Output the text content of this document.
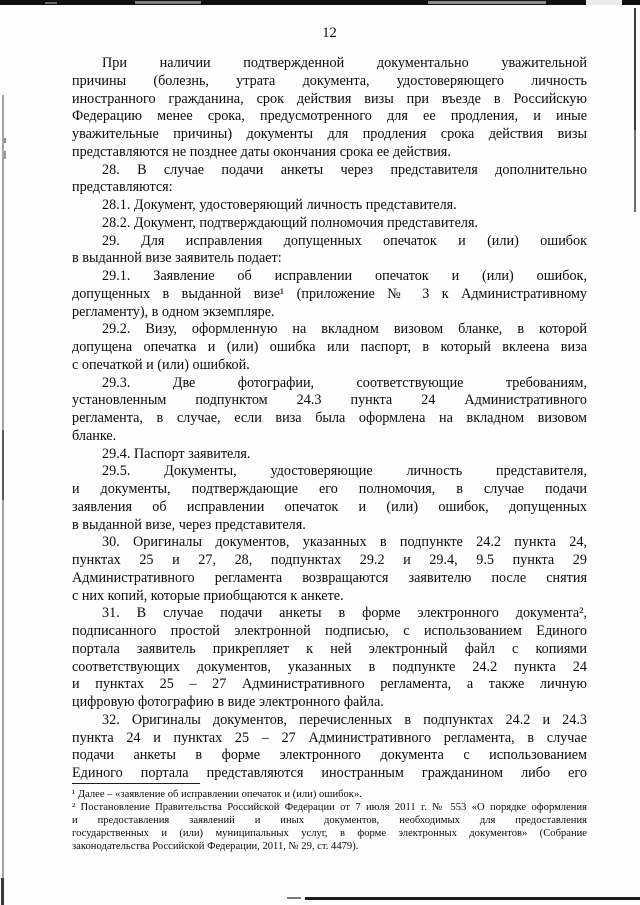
12
При наличии подтвержденной документально уважительной
причины (болезнь, утрата документа, удостоверяющего личность
иностранного гражданина, срок действия визы при въезде в Российскую
Федерацию менее срока, предусмотренного для ее продления, и иные
уважительные причины) документы для продления срока действия визы
представляются не позднее даты окончания срока ее действия.
28. В случае подачи анкеты через представителя дополнительно
представляются:
28.1. Документ, удостоверяющий личность представителя.
28.2. Документ, подтверждающий полномочия представителя.
29. Для исправления допущенных опечаток и (или) ошибок
в выданной визе заявитель подает:
29.1. Заявление об исправлении опечаток и (или) ошибок,
допущенных в выданной визе¹ (приложение № 3 к Административному
регламенту), в одном экземпляре.
29.2. Визу, оформленную на вкладном визовом бланке, в которой
допущена опечатка и (или) ошибка или паспорт, в который вклеена виза
с опечаткой и (или) ошибкой.
29.3. Две фотографии, соответствующие требованиям,
установленным подпунктом 24.3 пункта 24 Административного
регламента, в случае, если виза была оформлена на вкладном визовом
бланке.
29.4. Паспорт заявителя.
29.5. Документы, удостоверяющие личность представителя,
и документы, подтверждающие его полномочия, в случае подачи
заявления об исправлении опечаток и (или) ошибок, допущенных
в выданной визе, через представителя.
30. Оригиналы документов, указанных в подпункте 24.2 пункта 24,
пунктах 25 и 27, 28, подпунктах 29.2 и 29.4, 9.5 пункта 29
Административного регламента возвращаются заявителю после снятия
с них копий, которые приобщаются к анкете.
31. В случае подачи анкеты в форме электронного документа²,
подписанного простой электронной подписью, с использованием Единого
портала заявитель прикрепляет к ней электронный файл с копиями
соответствующих документов, указанных в подпункте 24.2 пункта 24
и пунктах 25 – 27 Административного регламента, а также личную
цифровую фотографию в виде электронного файла.
32. Оригиналы документов, перечисленных в подпунктах 24.2 и 24.3
пункта 24 и пунктах 25 – 27 Административного регламента, в случае
подачи анкеты в форме электронного документа с использованием
Единого портала представляются иностранным гражданином либо его
¹ Далее – «заявление об исправлении опечаток и (или) ошибок».
² Постановление Правительства Российской Федерации от 7 июля 2011 г. № 553 «О порядке оформления
и предоставления заявлений и иных документов, необходимых для предоставления
государственных и (или) муниципальных услуг, в форме электронных документов» (Собрание
законодательства Российской Федерации, 2011, № 29, ст. 4479).
